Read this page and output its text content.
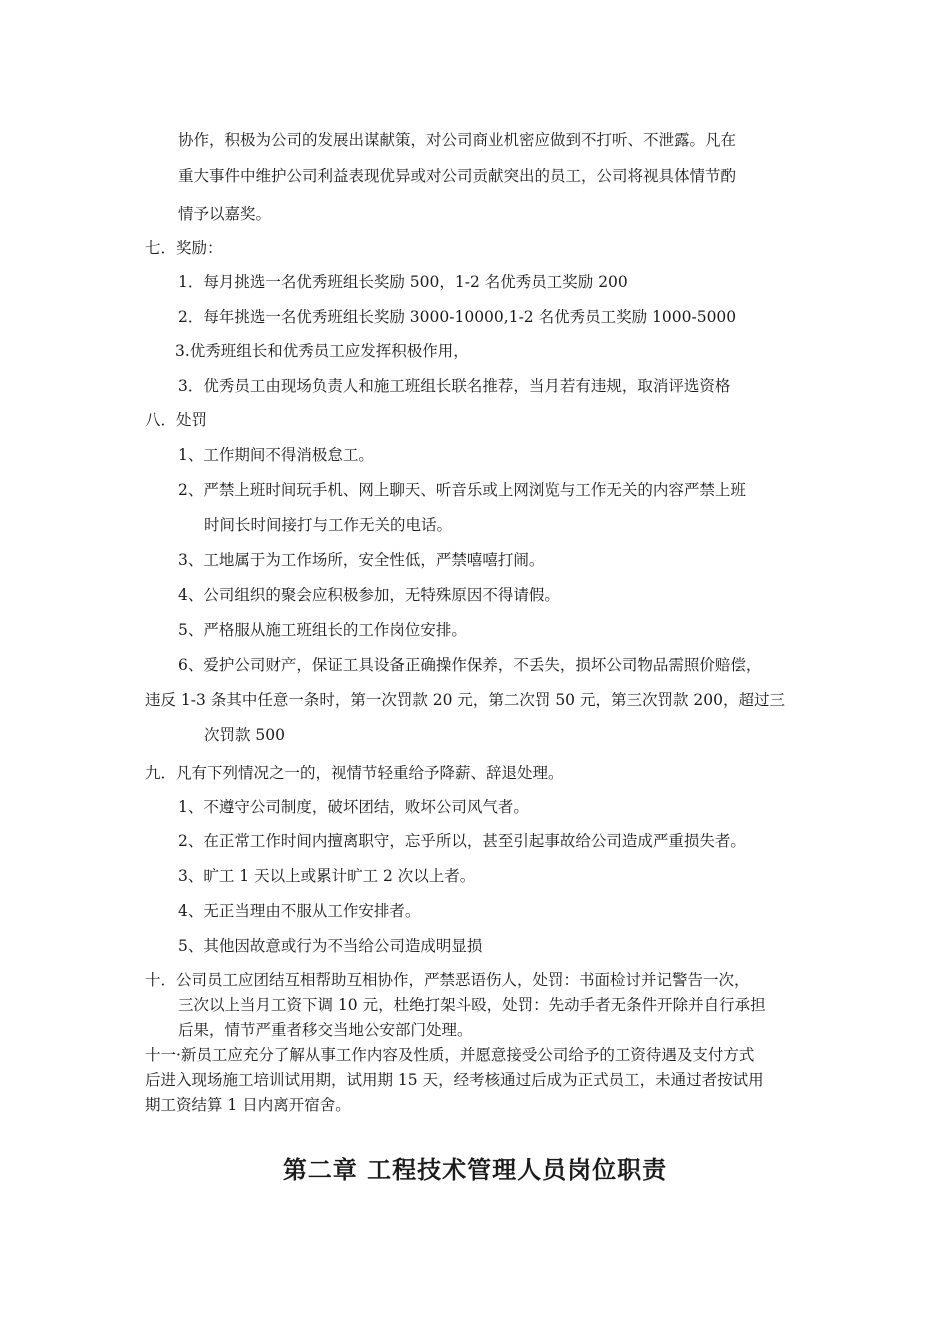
协作，积极为公司的发展出谋献策，对公司商业机密应做到不打听、不泄露。凡在
重大事件中维护公司利益表现优异或对公司贡献突出的员工，公司将视具体情节酌
情予以嘉奖。
七．奖励：
1．每月挑选一名优秀班组长奖励 500，1-2 名优秀员工奖励 200
2．每年挑选一名优秀班组长奖励 3000-10000,1-2 名优秀员工奖励 1000-5000
3.优秀班组长和优秀员工应发挥积极作用，
3．优秀员工由现场负责人和施工班组长联名推荐，当月若有违规，取消评选资格
八．处罚
1、工作期间不得消极怠工。
2、严禁上班时间玩手机、网上聊天、听音乐或上网浏览与工作无关的内容严禁上班
时间长时间接打与工作无关的电话。
3、工地属于为工作场所，安全性低，严禁嘻嘻打闹。
4、公司组织的聚会应积极参加，无特殊原因不得请假。
5、严格服从施工班组长的工作岗位安排。
6、爱护公司财产，保证工具设备正确操作保养，不丢失，损坏公司物品需照价赔偿，
违反 1-3 条其中任意一条时，第一次罚款 20 元，第二次罚 50 元，第三次罚款 200，超过三
次罚款 500
九．凡有下列情况之一的，视情节轻重给予降薪、辞退处理。
1、不遵守公司制度，破坏团结，败坏公司风气者。
2、在正常工作时间内擅离职守，忘乎所以，甚至引起事故给公司造成严重损失者。
3、旷工 1 天以上或累计旷工 2 次以上者。
4、无正当理由不服从工作安排者。
5、其他因故意或行为不当给公司造成明显损
十．公司员工应团结互相帮助互相协作，严禁恶语伤人，处罚：书面检讨并记警告一次，
三次以上当月工资下调 10 元，杜绝打架斗殴，处罚：先动手者无条件开除并自行承担
后果，情节严重者移交当地公安部门处理。
十一·新员工应充分了解从事工作内容及性质，并愿意接受公司给予的工资待遇及支付方式
后进入现场施工培训试用期，试用期 15 天，经考核通过后成为正式员工，未通过者按试用
期工资结算 1 日内离开宿舍。
第二章 工程技术管理人员岗位职责
